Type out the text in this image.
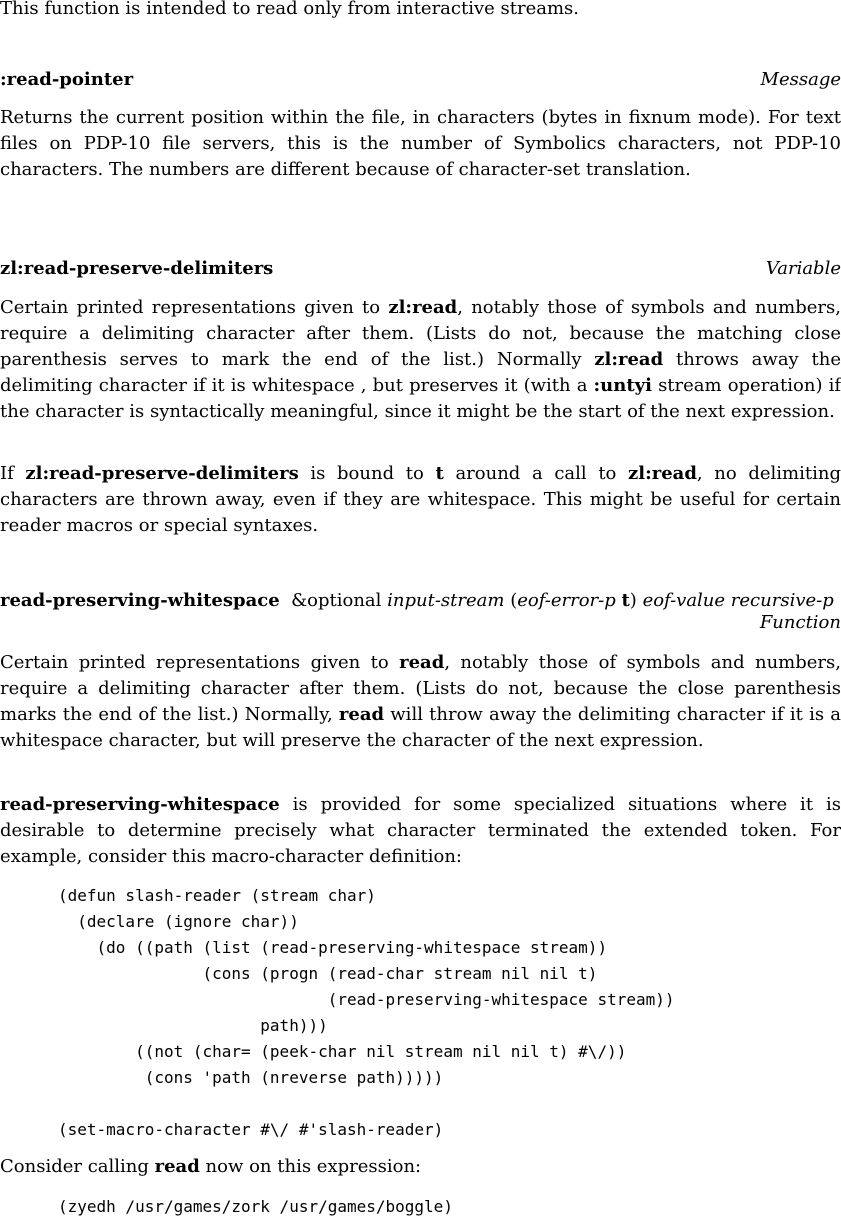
This function is intended to read only from interactive streams.

:read-pointer	Message

Returns the current position within the file, in characters (bytes in fixnum mode). For text files on PDP-10 file servers, this is the number of Symbolics characters, not PDP-10 characters. The numbers are different because of character-set translation.

zl:read-preserve-delimiters	Variable

Certain printed representations given to zl:read, notably those of symbols and numbers, require a delimiting character after them. (Lists do not, because the matching close parenthesis serves to mark the end of the list.) Normally zl:read throws away the delimiting character if it is whitespace , but preserves it (with a :untyi stream operation) if the character is syntactically meaningful, since it might be the start of the next expression.

If zl:read-preserve-delimiters is bound to t around a call to zl:read, no delimiting characters are thrown away, even if they are whitespace. This might be useful for certain reader macros or special syntaxes.

read-preserving-whitespace &optional input-stream (eof-error-p t) eof-value recursive-p
Function

Certain printed representations given to read, notably those of symbols and numbers, require a delimiting character after them. (Lists do not, because the close parenthesis marks the end of the list.) Normally, read will throw away the delimiting character if it is a whitespace character, but will preserve the character of the next expression.

read-preserving-whitespace is provided for some specialized situations where it is desirable to determine precisely what character terminated the extended token. For example, consider this macro-character definition:

(defun slash-reader (stream char)
(declare (ignore char))
(do ((path (list (read-preserving-whitespace stream))
(cons (progn (read-char stream nil nil t)
(read-preserving-whitespace stream))
path)))
((not (char= (peek-char nil stream nil nil t) #\/))
(cons 'path (nreverse path)))))

(set-macro-character #\/ #'slash-reader)

Consider calling read now on this expression:

(zyedh /usr/games/zork /usr/games/boggle)
